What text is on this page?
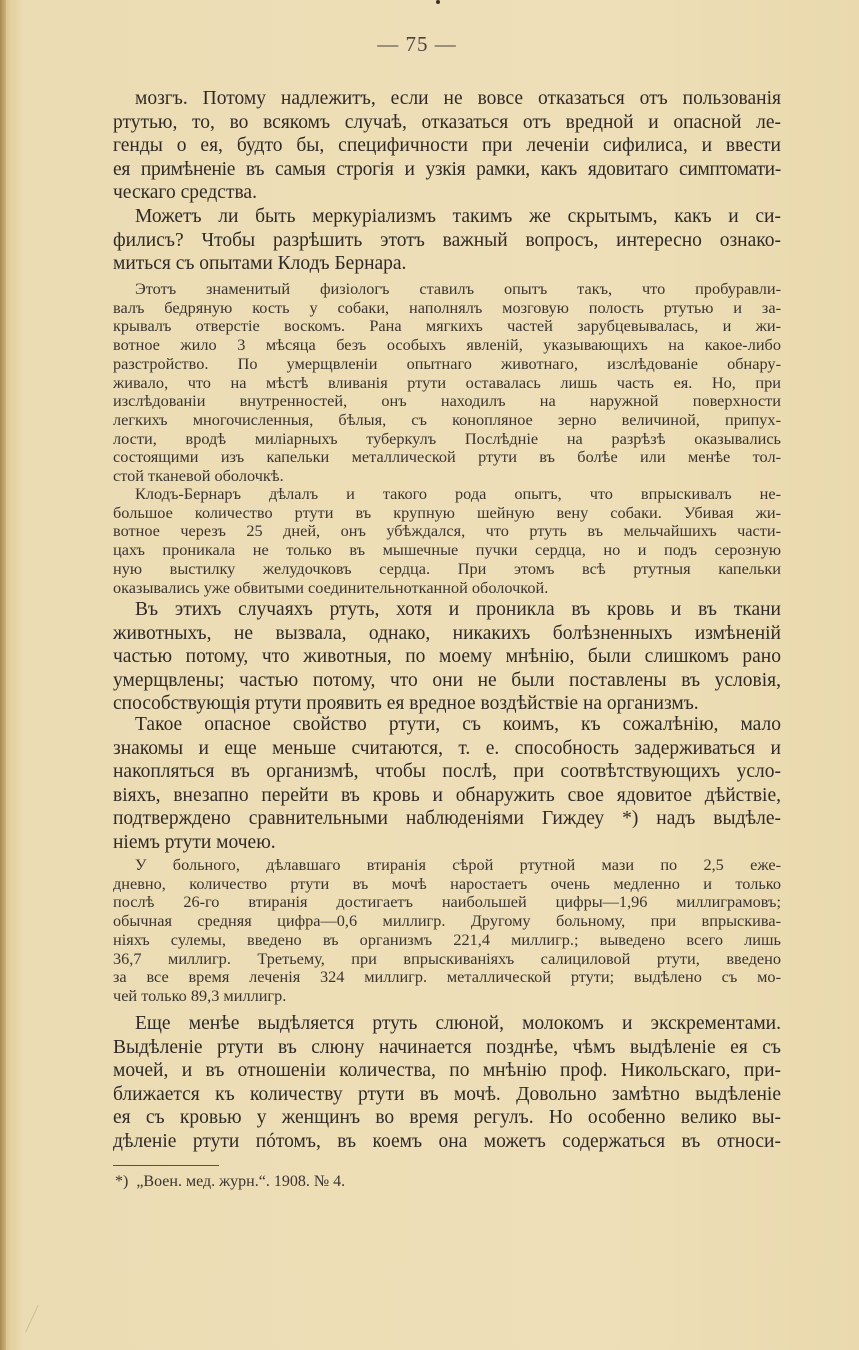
— 75 —
мозгъ. Потому надлежитъ, если не вовсе отказаться отъ пользованія
ртутью, то, во всякомъ случаѣ, отказаться отъ вредной и опасной ле-
генды о ея, будто бы, специфичности при леченіи сифилиса, и ввести
ея примѣненіе въ самыя строгія и узкія рамки, какъ ядовитаго симптомати-
ческаго средства.
Можетъ ли быть меркуріализмъ такимъ же скрытымъ, какъ и си-
филисъ? Чтобы разрѣшить этотъ важный вопросъ, интересно ознако-
миться съ опытами Клодъ Бернара.
Этотъ знаменитый физіологъ ставилъ опытъ такъ, что пробуравли-
валъ бедряную кость у собаки, наполнялъ мозговую полость ртутью и за-
крывалъ отверстіе воскомъ. Рана мягкихъ частей зарубцевывалась, и жи-
вотное жило 3 мѣсяца безъ особыхъ явленій, указывающихъ на какое-либо
разстройство. По умерщвленіи опытнаго животнаго, изслѣдованіе обнару-
живало, что на мѣстѣ вливанія ртути оставалась лишь часть ея. Но, при
изслѣдованіи внутренностей, онъ находилъ на наружной поверхности
легкихъ многочисленныя, бѣлыя, съ конопляное зерно величиной, припух-
лости, вродѣ миліарныхъ туберкулъ Послѣдніе на разрѣзѣ оказывались
состоящими изъ капельки металлической ртути въ болѣе или менѣе тол-
стой тканевой оболочкѣ.
Клодъ-Бернаръ дѣлалъ и такого рода опытъ, что впрыскивалъ не-
большое количество ртути въ крупную шейную вену собаки. Убивая жи-
вотное черезъ 25 дней, онъ убѣждался, что ртуть въ мельчайшихъ части-
цахъ проникала не только въ мышечные пучки сердца, но и подъ серозную
ную выстилку желудочковъ сердца. При этомъ всѣ ртутныя капельки
оказывались уже обвитыми соединительнотканной оболочкой.
Въ этихъ случаяхъ ртуть, хотя и проникла въ кровь и въ ткани
животныхъ, не вызвала, однако, никакихъ болѣзненныхъ измѣненій
частью потому, что животныя, по моему мнѣнію, были слишкомъ рано
умерщвлены; частью потому, что они не были поставлены въ условія,
способствующія ртути проявить ея вредное воздѣйствіе на организмъ.
Такое опасное свойство ртути, съ коимъ, къ сожалѣнію, мало
знакомы и еще меньше считаются, т. е. способность задерживаться и
накопляться въ организмѣ, чтобы послѣ, при соотвѣтствующихъ усло-
віяхъ, внезапно перейти въ кровь и обнаружить свое ядовитое дѣйствіе,
подтверждено сравнительными наблюденіями Гиждеу *) надъ выдѣле-
ніемъ ртути мочею.
У больного, дѣлавшаго втиранія сѣрой ртутной мази по 2,5 еже-
дневно, количество ртути въ мочѣ наростаетъ очень медленно и только
послѣ 26-го втиранія достигаетъ наибольшей цифры—1,96 миллиграмовъ;
обычная средняя цифра—0,6 миллигр. Другому больному, при впрыскива-
ніяхъ сулемы, введено въ организмъ 221,4 миллигр.; выведено всего лишь
36,7 миллигр. Третьему, при впрыскиваніяхъ салициловой ртути, введено
за все время леченія 324 миллигр. металлической ртути; выдѣлено съ мо-
чей только 89,3 миллигр.
Еще менѣе выдѣляется ртуть слюной, молокомъ и экскрементами.
Выдѣленіе ртути въ слюну начинается позднѣе, чѣмъ выдѣленіе ея съ
мочей, и въ отношеніи количества, по мнѣнію проф. Никольскаго, при-
ближается къ количеству ртути въ мочѣ. Довольно замѣтно выдѣленіе
ея съ кровью у женщинъ во время регулъ. Но особенно велико вы-
дѣленіе ртути пóтомъ, въ коемъ она можетъ содержаться въ относи-
*) „Воен. мед. журн.“. 1908. № 4.
